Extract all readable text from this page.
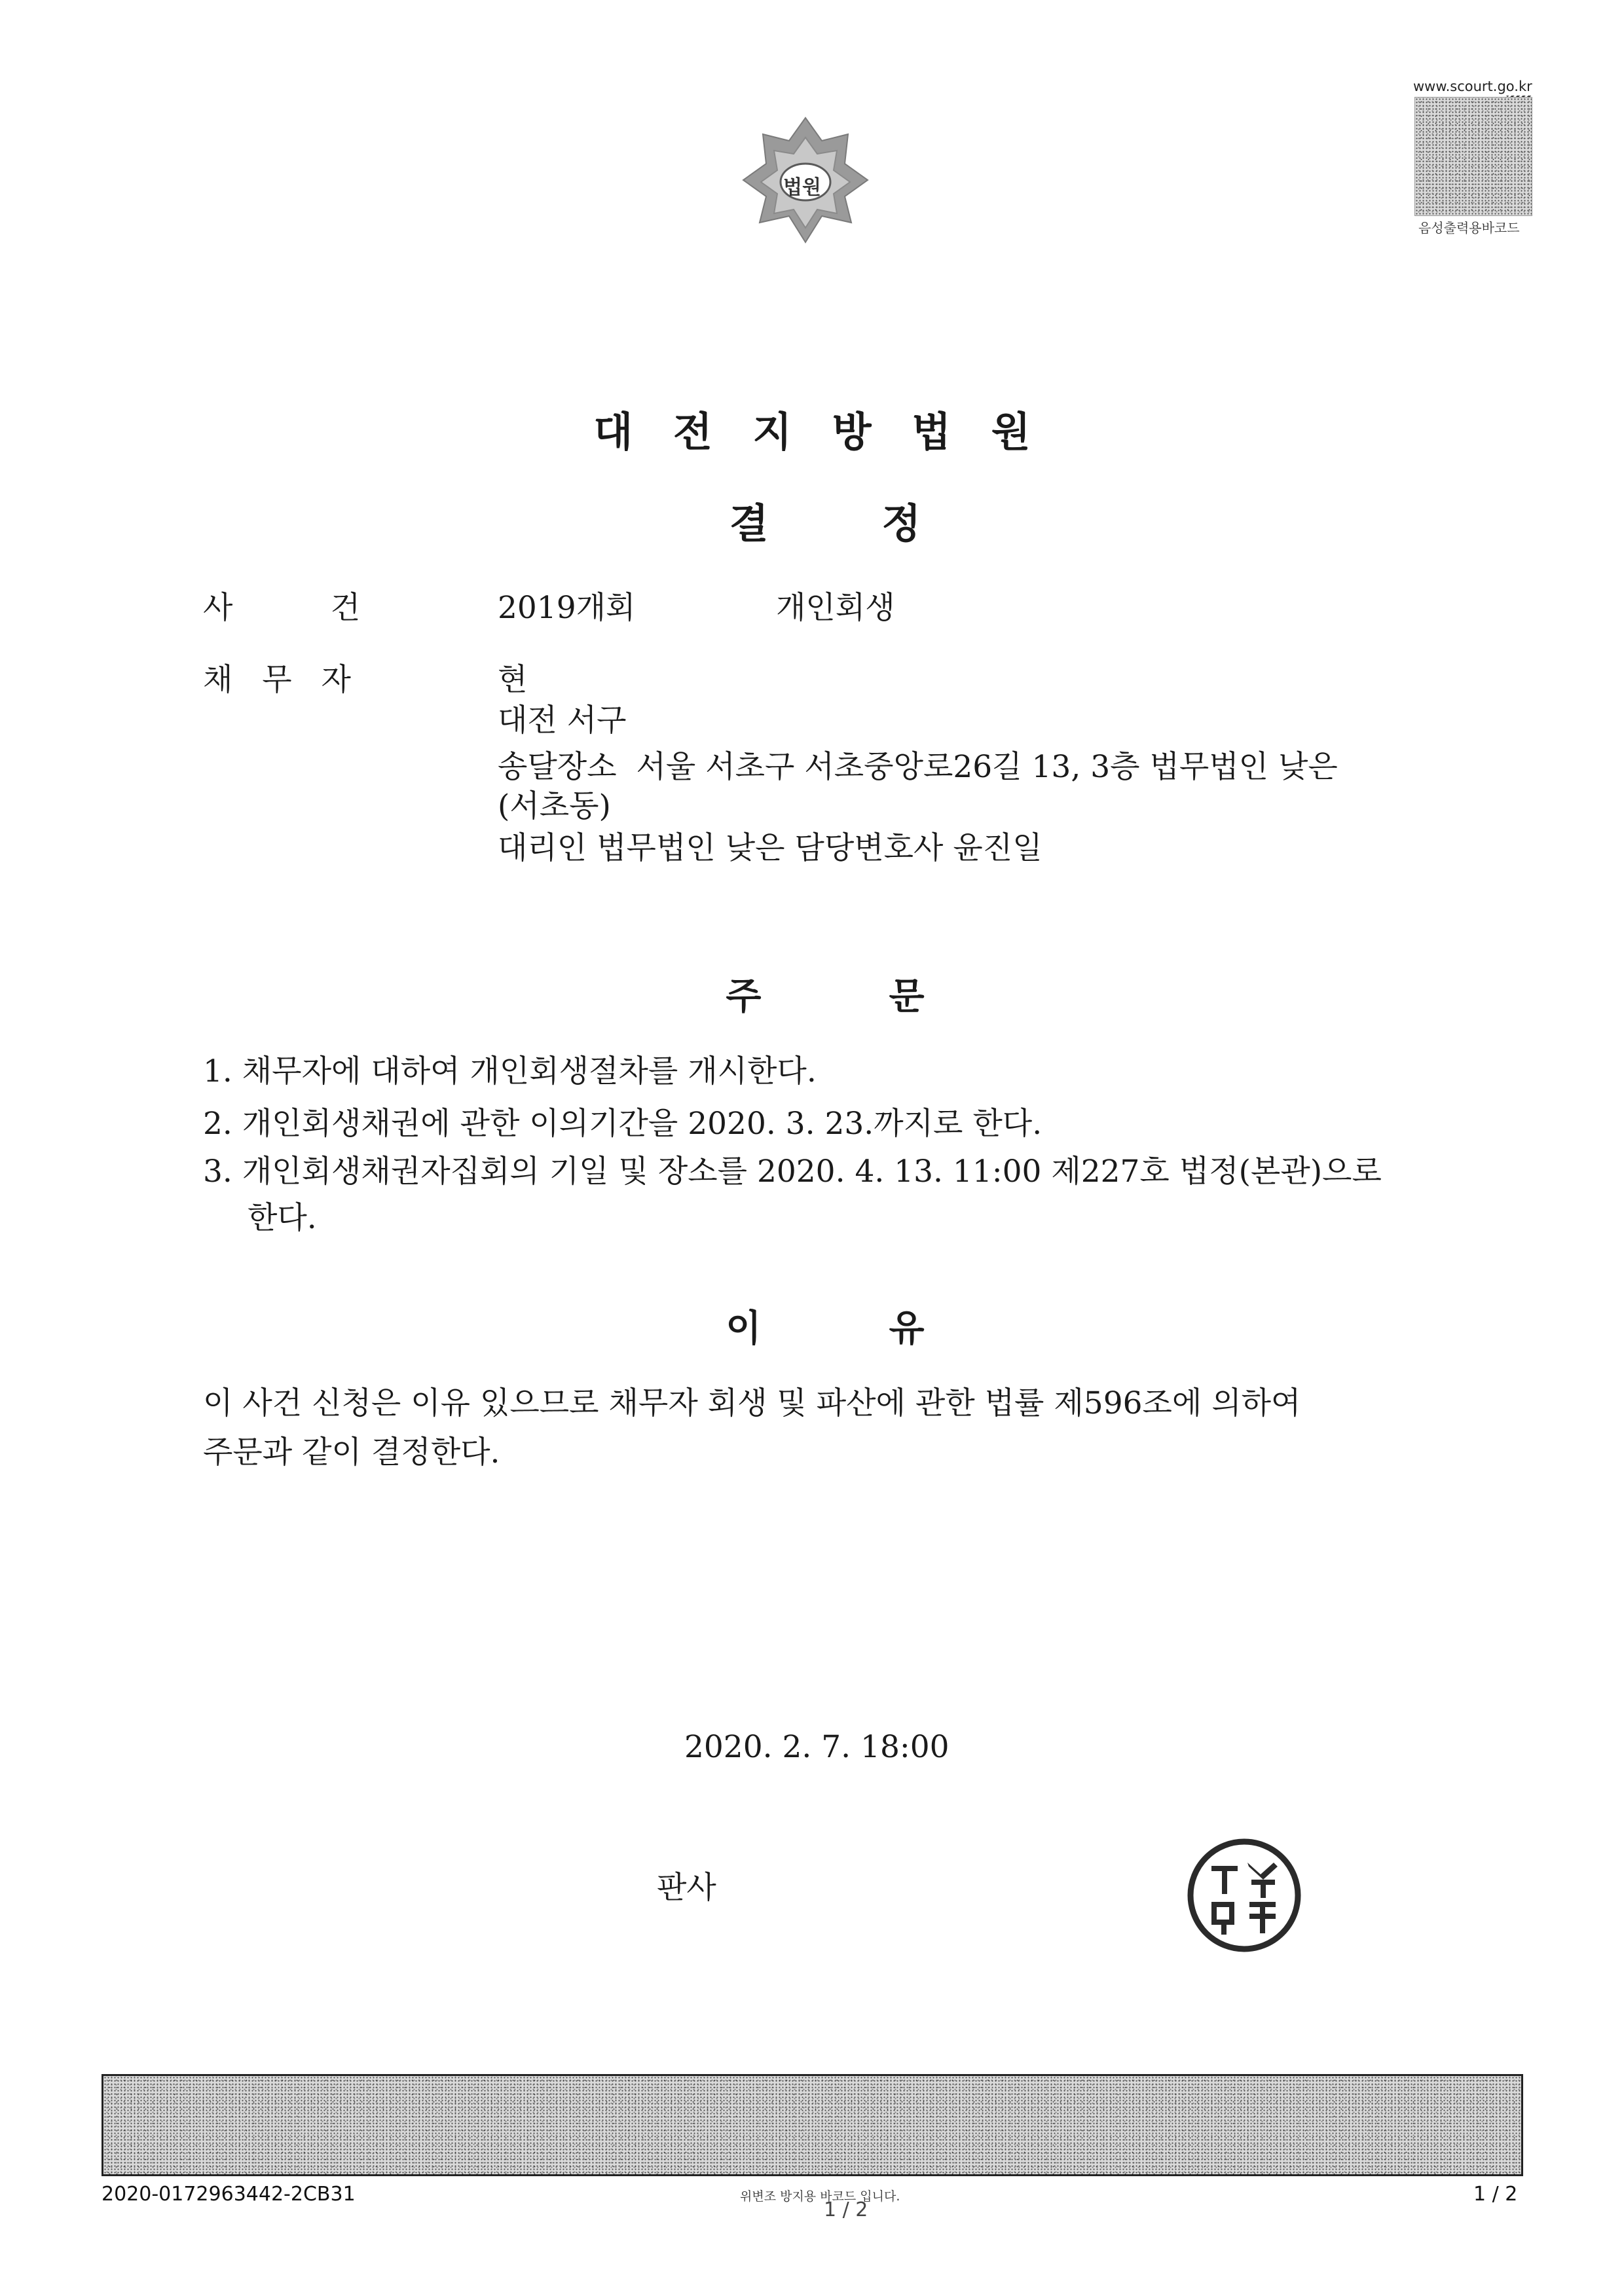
법원
www.scourt.go.kr
음성출력용바코드
대 전 지 방 법 원
결        정
사          건	2019개회	개인회생
채   무   자	현
대전 서구
송달장소  서울 서초구 서초중앙로26길 13, 3층 법무법인 낮은
(서초동)
대리인 법무법인 낮은 담당변호사 윤진일
주          문
1. 채무자에 대하여 개인회생절차를 개시한다.
2. 개인회생채권에 관한 이의기간을 2020. 3. 23.까지로 한다.
3. 개인회생채권자집회의 기일 및 장소를 2020. 4. 13. 11:00 제227호 법정(본관)으로
한다.
이          유
이 사건 신청은 이유 있으므로 채무자 회생 및 파산에 관한 법률 제596조에 의하여
주문과 같이 결정한다.
2020. 2. 7. 18:00
판사
2020-0172963442-2CB31	위변조 방지용 바코드 입니다.
1 / 2
1 / 2
